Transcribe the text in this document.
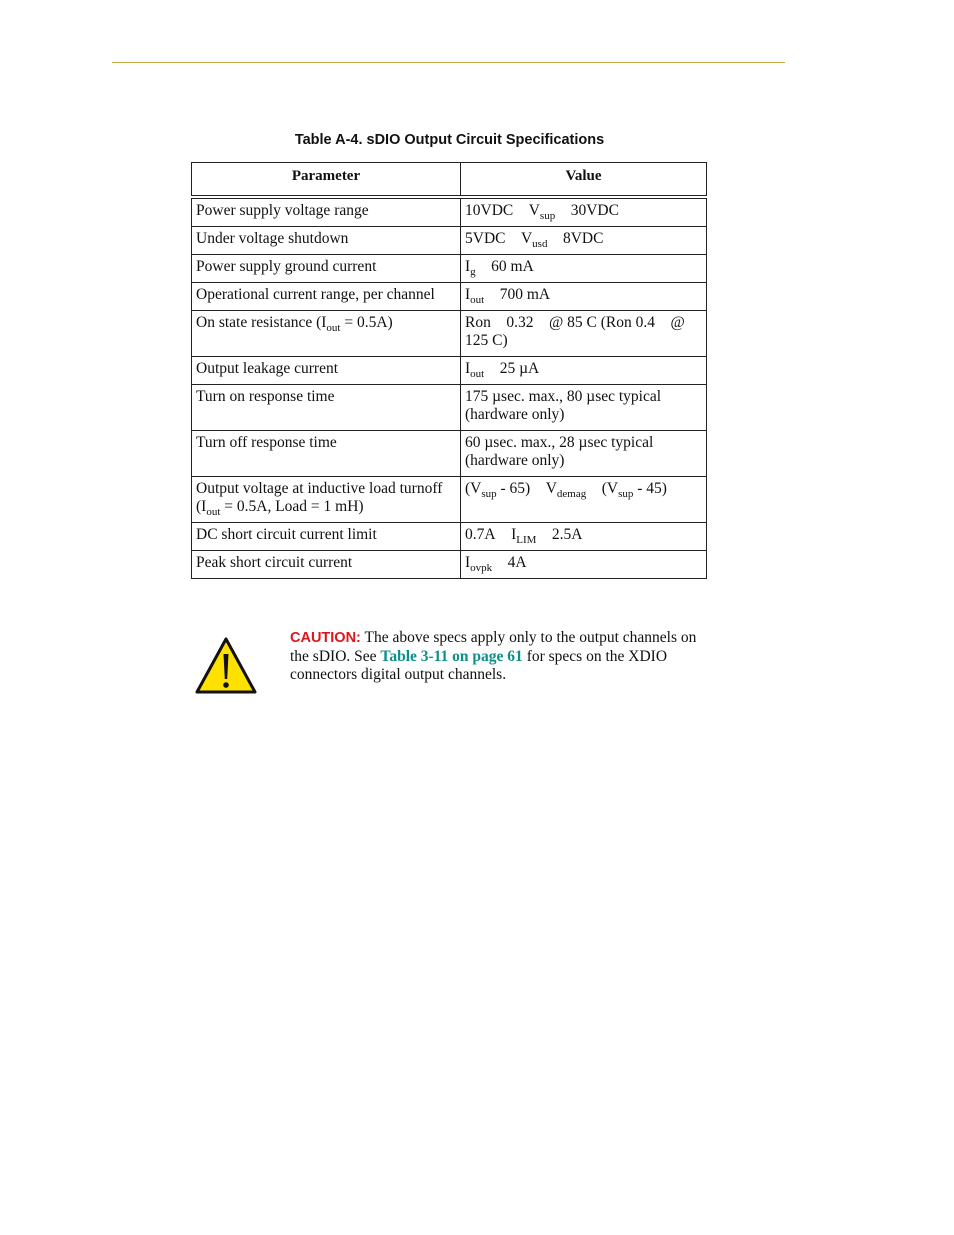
Table A-4. sDIO Output Circuit Specifications
Parameter	Value
Power supply voltage range	10VDC    $V_{sup}$    30VDC
Under voltage shutdown	5VDC    $V_{usd}$    8VDC
Power supply ground current	$I_g$    60 mA
Operational current range, per channel	$I_{out}$    700 mA
On state resistance $(I_{out} = 0.5A)$	Ron    0.32    @ 85 C (Ron 0.4    @ 125 C)
Output leakage current	$I_{out}$    25 µA
Turn on response time	175 µsec. max., 80 µsec typical (hardware only)
Turn off response time	60 µsec. max., 28 µsec typical (hardware only)
Output voltage at inductive load turnoff ($I_{out} = 0.5A$, Load = 1 mH)	$(V_{sup} - 65)$    $V_{demag}$    $(V_{sup} - 45)$
DC short circuit current limit	0.7A    $I_{LIM}$    2.5A
Peak short circuit current	$I_{ovpk}$    4A
CAUTION: The above specs apply only to the output channels on the sDIO. See Table 3-11 on page 61 for specs on the XDIO connectors digital output channels.
